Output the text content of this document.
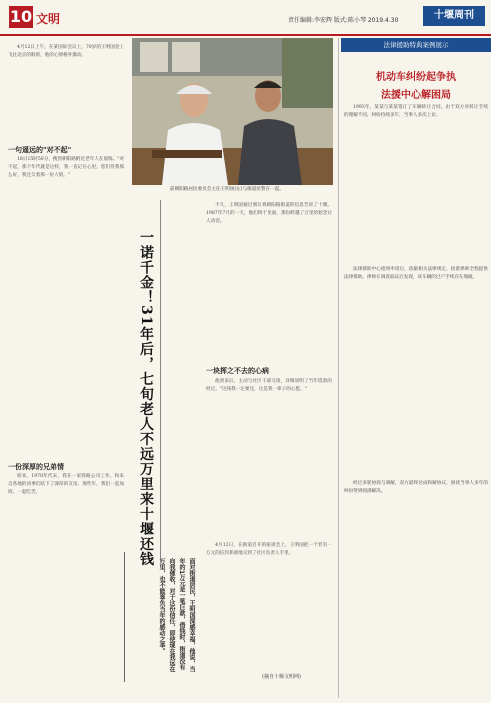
10 文明	责任编辑:李宏辉 版式:陈小琴 2019.4.30	十堰周刊
4月12日上午，在某国际会议上，70岁的王明国登上飞往北京的航班，他的心情格外激动。
一句遥远的"对不起"
18日15时50分，搜到朝阳路附近老年人在晨练。"对不起，那个年代就是这样，我一直记在心里，您们待我那么好，我还欠着那一份人情。"
一份深厚的兄弟情
原来，1970年代末，我在一家铁路公司工作，和来自各地的同事们结下了深厚的友谊。那些年，我们一起加班、一起吃苦。
前朝阳路居民委员会主任王明国(左)与街道民警在一起。
一诺千金！31年后，七旬老人不远万里来十堰还钱
面对街道居民，王明国深感幸福，他说，当年的1万元是一笔巨款，借钱时，街道没有向我催收，对于这份信任，即使现在我远在万里，也不能辜负当年的感动之举。
不久，王明国通过朋友将朝阳路街道的信息告诉了十堰。1987年7月的一天，他们终于见面，那份跨越了万里的惦念让人动容。
一块挥之不去的心病
他到来后，主动与社区干部交谈，详细说明了当年借款的经过。"这钱我一定要还，这是我一辈子的心愿。"
4月12日，在街道召开的座谈会上，王明国把一个装有一万元的信封郑重地交到了社区负责人手里。
(摘自十堰文明网)
法律援助特典案例展示
机动车纠纷起争执
法援中心解困局
1993年，某某与某某签订了车辆转让合同。由于双方对转让手续的理解不同，纠纷持续多年，当事人多次上访。
法律援助中心接到申请后，依据相关法律规定，指派律师全程提供法律援助。律师在调查取证后发现，该车辆的过户手续存在瑕疵。
经过多轮协商与调解，双方最终达成和解协议，困扰当事人多年的纠纷得到圆满解决。
